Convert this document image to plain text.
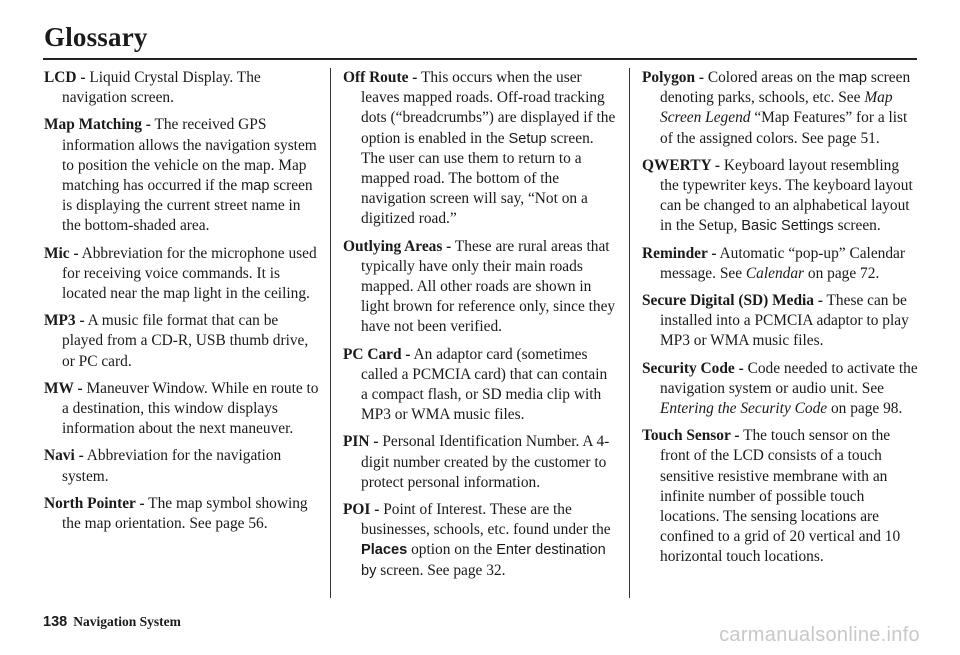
Glossary

LCD - Liquid Crystal Display. The navigation screen.

Map Matching - The received GPS information allows the navigation system to position the vehicle on the map. Map matching has occurred if the map screen is displaying the current street name in the bottom-shaded area.

Mic - Abbreviation for the microphone used for receiving voice commands. It is located near the map light in the ceiling.

MP3 - A music file format that can be played from a CD-R, USB thumb drive, or PC card.

MW - Maneuver Window. While en route to a destination, this window displays information about the next maneuver.

Navi - Abbreviation for the navigation system.

North Pointer - The map symbol showing the map orientation. See page 56.

Off Route - This occurs when the user leaves mapped roads. Off-road tracking dots (“breadcrumbs”) are displayed if the option is enabled in the Setup screen. The user can use them to return to a mapped road. The bottom of the navigation screen will say, “Not on a digitized road.”

Outlying Areas - These are rural areas that typically have only their main roads mapped. All other roads are shown in light brown for reference only, since they have not been verified.

PC Card - An adaptor card (sometimes called a PCMCIA card) that can contain a compact flash, or SD media clip with MP3 or WMA music files.

PIN - Personal Identification Number. A 4-digit number created by the customer to protect personal information.

POI - Point of Interest. These are the businesses, schools, etc. found under the Places option on the Enter destination by screen. See page 32.

Polygon - Colored areas on the map screen denoting parks, schools, etc. See Map Screen Legend “Map Features” for a list of the assigned colors. See page 51.

QWERTY - Keyboard layout resembling the typewriter keys. The keyboard layout can be changed to an alphabetical layout in the Setup, Basic Settings screen.

Reminder - Automatic “pop-up” Calendar message. See Calendar on page 72.

Secure Digital (SD) Media - These can be installed into a PCMCIA adaptor to play MP3 or WMA music files.

Security Code - Code needed to activate the navigation system or audio unit. See Entering the Security Code on page 98.

Touch Sensor - The touch sensor on the front of the LCD consists of a touch sensitive resistive membrane with an infinite number of possible touch locations. The sensing locations are confined to a grid of 20 vertical and 10 horizontal touch locations.

138 Navigation System
carmanualsonline.info
